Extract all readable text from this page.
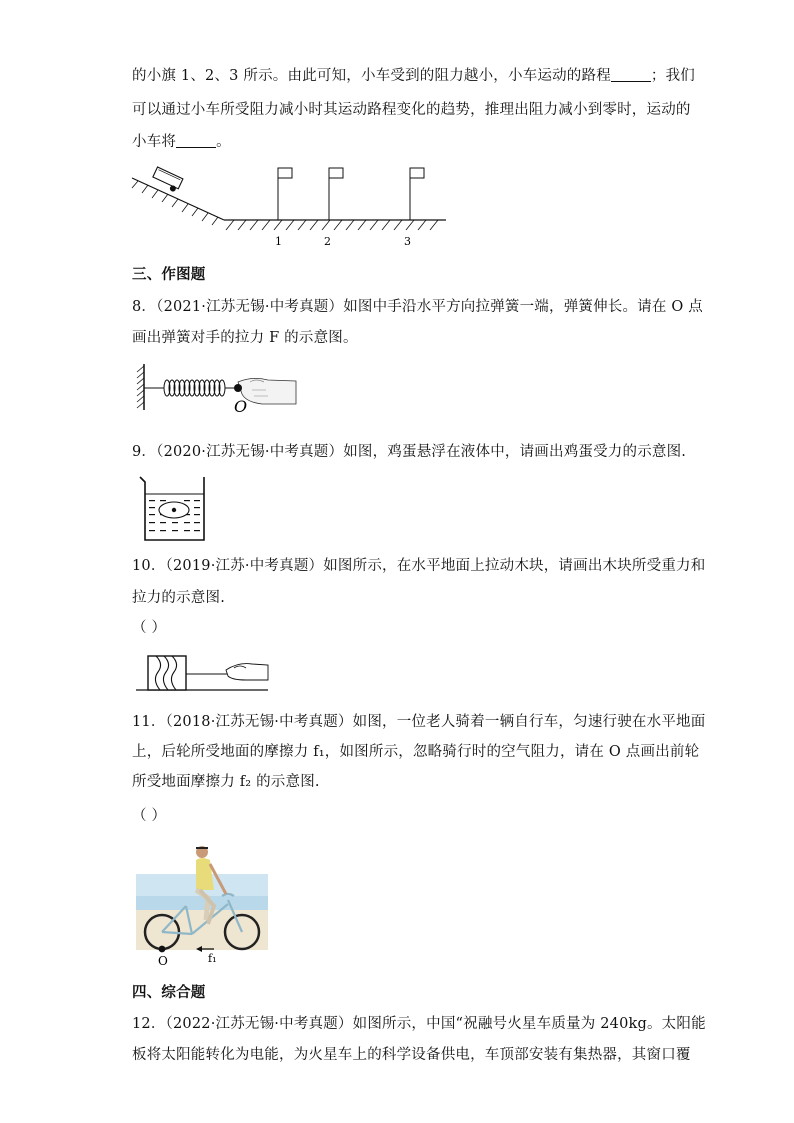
的小旗 1、2、3 所示。由此可知，小车受到的阻力越小，小车运动的路程	；我们
可以通过小车所受阻力减小时其运动路程变化的趋势，推理出阻力减小到零时，运动的
小车将	。
1	2	3
三、作图题
8．（2021·江苏无锡·中考真题）如图中手沿水平方向拉弹簧一端，弹簧伸长。请在 O 点
画出弹簧对手的拉力 F 的示意图。
O
9．（2020·江苏无锡·中考真题）如图，鸡蛋悬浮在液体中，请画出鸡蛋受力的示意图.
10．（2019·江苏·中考真题）如图所示，在水平地面上拉动木块，请画出木块所受重力和
拉力的示意图.
（ ）
11．（2018·江苏无锡·中考真题）如图，一位老人骑着一辆自行车，匀速行驶在水平地面
上，后轮所受地面的摩擦力 f₁，如图所示，忽略骑行时的空气阻力，请在 O 点画出前轮
所受地面摩擦力 f₂ 的示意图.
（ ）
O	f₁
四、综合题
12．（2022·江苏无锡·中考真题）如图所示，中国“祝融号火星车质量为 240kg。太阳能
板将太阳能转化为电能，为火星车上的科学设备供电，车顶部安装有集热器，其窗口覆
